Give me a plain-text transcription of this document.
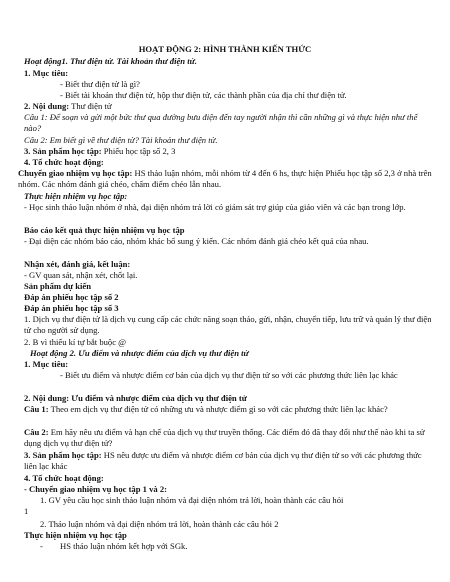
HOẠT ĐỘNG 2: HÌNH THÀNH KIẾN THỨC
Hoạt động1. Thư điện tử. Tài khoản thư điện tử.
1. Mục tiêu:
- Biết thư điện tử là gì?
- Biết tài khoản thư điện tử, hộp thư điện tử, các thành phần của địa chỉ thư điện tử.
2. Nội dung: Thư điện tử
Câu 1: Để soạn và gửi một bức thư qua đường bưu điện đến tay người nhận thì cần những gì và thực hiện như thế nào?
Câu 2: Em biết gì về thư điện tử? Tài khoản thư điện tử.
3. Sản phẩm học tập: Phiếu học tập số 2, 3
4. Tổ chức hoạt động:
Chuyển giao nhiệm vụ học tập: HS thảo luận nhóm, mỗi nhóm từ 4 đến 6 hs, thực hiện Phiếu học tập số 2,3 ở nhà trên nhóm. Các nhóm đánh giá chéo, chấm điểm chéo lẫn nhau.
Thực hiện nhiệm vụ học tập:
- Học sinh thảo luận nhóm ở nhà, đại diện nhóm trả lời có giám sát trợ giúp của giáo viên và các bạn trong lớp.
Báo cáo kết quả thực hiện nhiệm vụ học tập
- Đại diện các nhóm báo cáo, nhóm khác bổ sung ý kiến. Các nhóm đánh giá chéo kết quả của nhau.
Nhận xét, đánh giá, kết luận:
- GV quan sát, nhận xét, chốt lại.
Sản phẩm dự kiến
Đáp án phiếu học tập số 2
Đáp án phiếu học tập số 3
1. Dịch vụ thư điện tử là dịch vụ cung cấp các chức năng soạn thảo, gửi, nhận, chuyển tiếp, lưu trữ và quản lý thư điện tử cho người sử dụng.
2. B vì thiếu kí tự bắt buộc @
Hoạt động 2. Ưu điểm và nhược điểm của dịch vụ thư điện tử
1. Mục tiêu:
- Biết ưu điểm và nhược điểm cơ bản của dịch vụ thư điện tử so với các phương thức liên lạc khác
2. Nội dung: Ưu điểm và nhược điểm của dịch vụ thư điện tử
Câu 1: Theo em dịch vụ thư điện tử có những ưu và nhược điểm gì so với các phương thức liên lạc khác?
Câu 2: Em hãy nêu ưu điểm và hạn chế của dịch vụ thư truyền thống. Các điểm đó đã thay đổi như thế nào khi ta sử dụng dịch vụ thư điện tử?
3. Sản phẩm học tập: HS nêu được ưu điểm và nhược điểm cơ bản của dịch vụ thư điện tử so với các phương thức liên lạc khác
4. Tổ chức hoạt động:
- Chuyển giao nhiệm vụ học tập 1 và 2:
1. GV yêu cầu học sinh thảo luận nhóm và đại diện nhóm trả lời, hoàn thành các câu hỏi
1
2. Thảo luận nhóm và đại diện nhóm trả lời, hoàn thành các câu hỏi 2
Thực hiện nhiệm vụ học tập
- HS thảo luận nhóm kết hợp với SGk.
